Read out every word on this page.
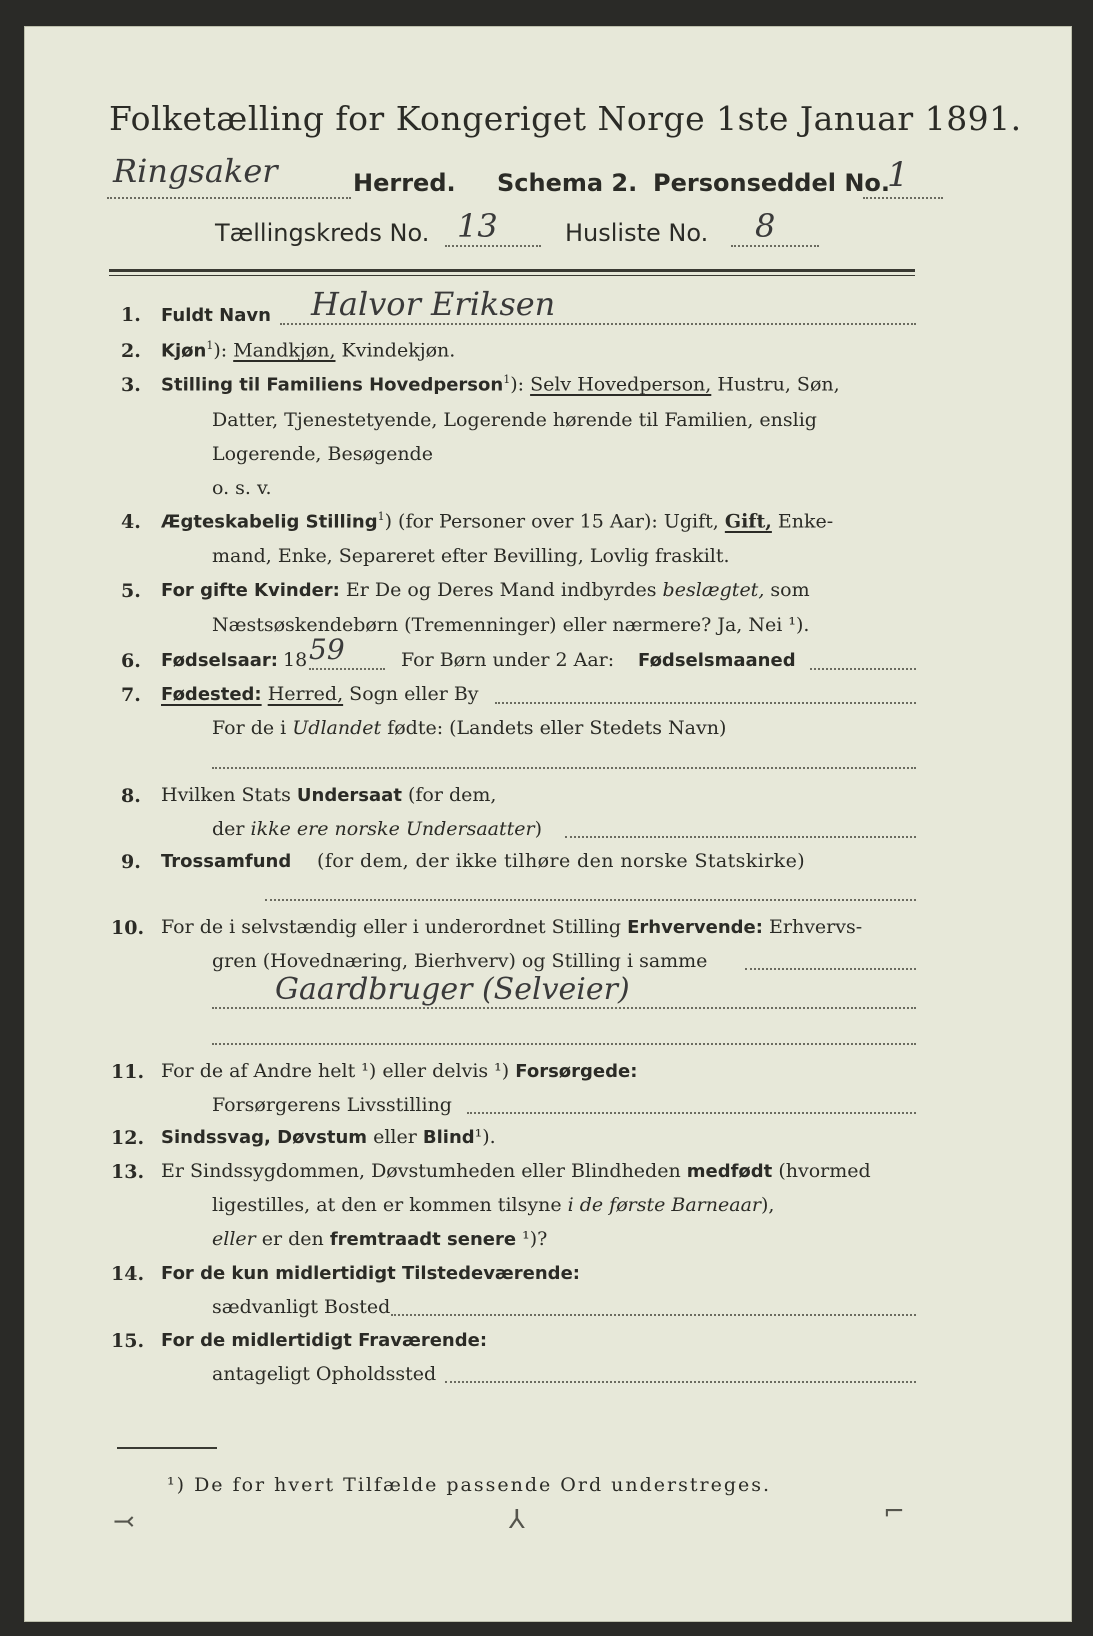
Folketælling for Kongeriget Norge 1ste Januar 1891.
Ringsaker	Herred. Schema 2. Personseddel No.
1
Tællingskreds No. 13	Husliste No. 8
1. Fuldt Navn Halvor Eriksen
2. Kjøn$^1$): Mandkjøn, Kvindekjøn.
3. Stilling til Familiens Hovedperson$^1$): Selv Hovedperson, Hustru, Søn,
Datter, Tjenestetyende, Logerende hørende til Familien, enslig
Logerende, Besøgende
o. s. v.
4. Ægteskabelig Stilling$^1$) (for Personer over 15 Aar): Ugift, Gift, Enke-
mand, Enke, Separeret efter Bevilling, Lovlig fraskilt.
5. For gifte Kvinder: Er De og Deres Mand indbyrdes beslægtet, som
Næstsøskendebørn (Tremenninger) eller nærmere? Ja, Nei ¹).
6. Fødselsaar: 18 59	For Børn under 2 Aar: Fødselsmaaned
7. Fødested: Herred, Sogn eller By
For de i Udlandet fødte: (Landets eller Stedets Navn)
8. Hvilken Stats Undersaat (for dem,
der ikke ere norske Undersaatter)
9. Trossamfund (for dem, der ikke tilhøre den norske Statskirke)
10. For de i selvstændig eller i underordnet Stilling Erhvervende: Erhvervs-
gren (Hovednæring, Bierhverv) og Stilling i samme
Gaardbruger (Selveier)
11. For de af Andre helt ¹) eller delvis ¹) Forsørgede:
Forsørgerens Livsstilling
12. Sindssvag, Døvstum eller Blind¹).
13. Er Sindssygdommen, Døvstumheden eller Blindheden medfødt (hvormed
ligestilles, at den er kommen tilsyne i de første Barneaar),
eller er den fremtraadt senere ¹)?
14. For de kun midlertidigt Tilstedeværende:
sædvanligt Bosted
15. For de midlertidigt Fraværende:
antageligt Opholdssted
¹) De for hvert Tilfælde passende Ord understreges.
⤙	⅄	⌐
